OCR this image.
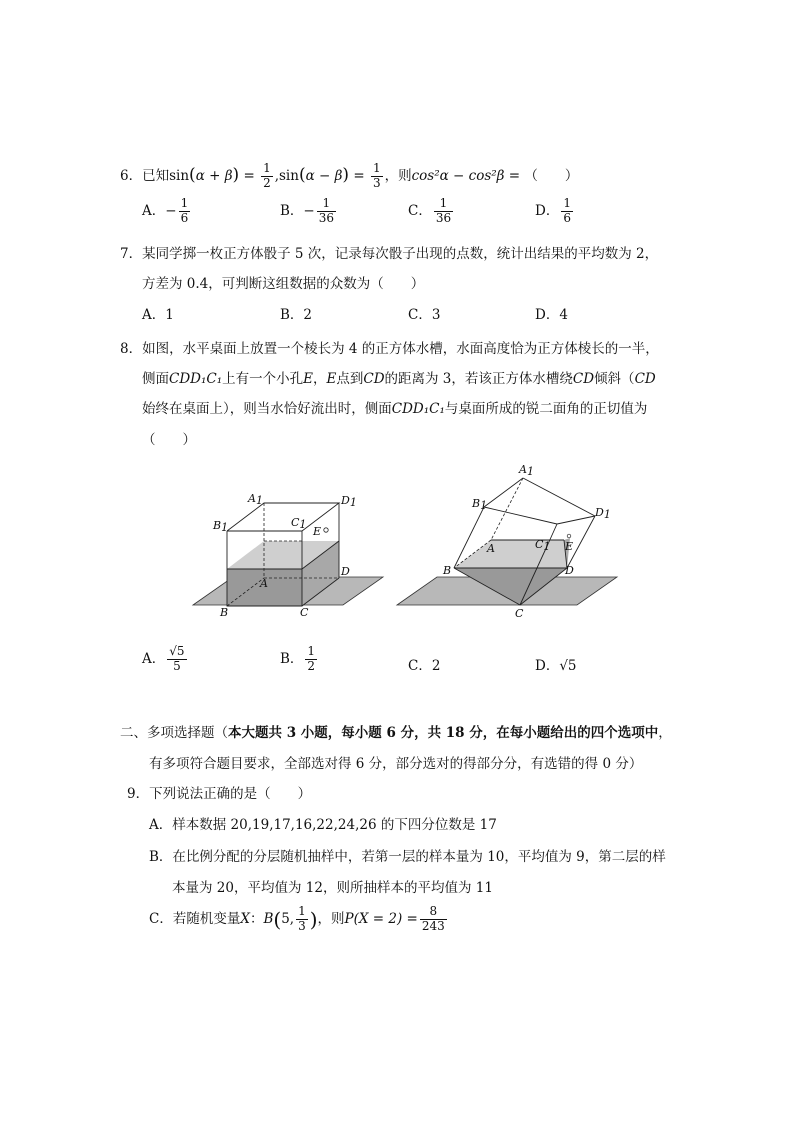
6．已知$\sin(\alpha + \beta) = \frac{1}{2} ,\sin(\alpha - \beta) = \frac{1}{3}$ ，则cos²α − cos²β = （　　）
A．− $\frac{1}{6}$	B．− $\frac{1}{36}$	C． $\frac{1}{36}$	D． $\frac{1}{6}$
7．某同学掷一枚正方体骰子 5 次，记录每次骰子出现的点数，统计出结果的平均数为 2，
方差为 0.4，可判断这组数据的众数为（　　）
A．1	B．2	C．3	D．4
8．如图，水平桌面上放置一个棱长为 4 的正方体水槽，水面高度恰为正方体棱长的一半，
侧面CDD₁C₁上有一个小孔E，E点到CD的距离为 3，若该正方体水槽绕CD倾斜（CD
始终在桌面上），则当水恰好流出时，侧面CDD₁C₁与桌面所成的锐二面角的正切值为
（　　）
A1
B1	C1
D1
E
A
B	C
D
A1
B1
C1
D1
E
A
B
C
D
A． $\frac{√5}{5}$	B． $\frac{1}{2}$	C．2	D．√5
二、多项选择题（本大题共 3 小题，每小题 6 分，共 18 分，在每小题给出的四个选项中，
有多项符合题目要求，全部选对得 6 分，部分选对的得部分分，有选错的得 0 分）
9．下列说法正确的是（　　）
A．样本数据 20,19,17,16,22,24,26 的下四分位数是 17
B．在比例分配的分层随机抽样中，若第一层的样本量为 10，平均值为 9，第二层的样
本量为 20，平均值为 12，则所抽样本的平均值为 11
C．若随机变量X：B(5, $\frac{1}{3}$ )，则$P(X = 2) = \frac{8}{243}$
